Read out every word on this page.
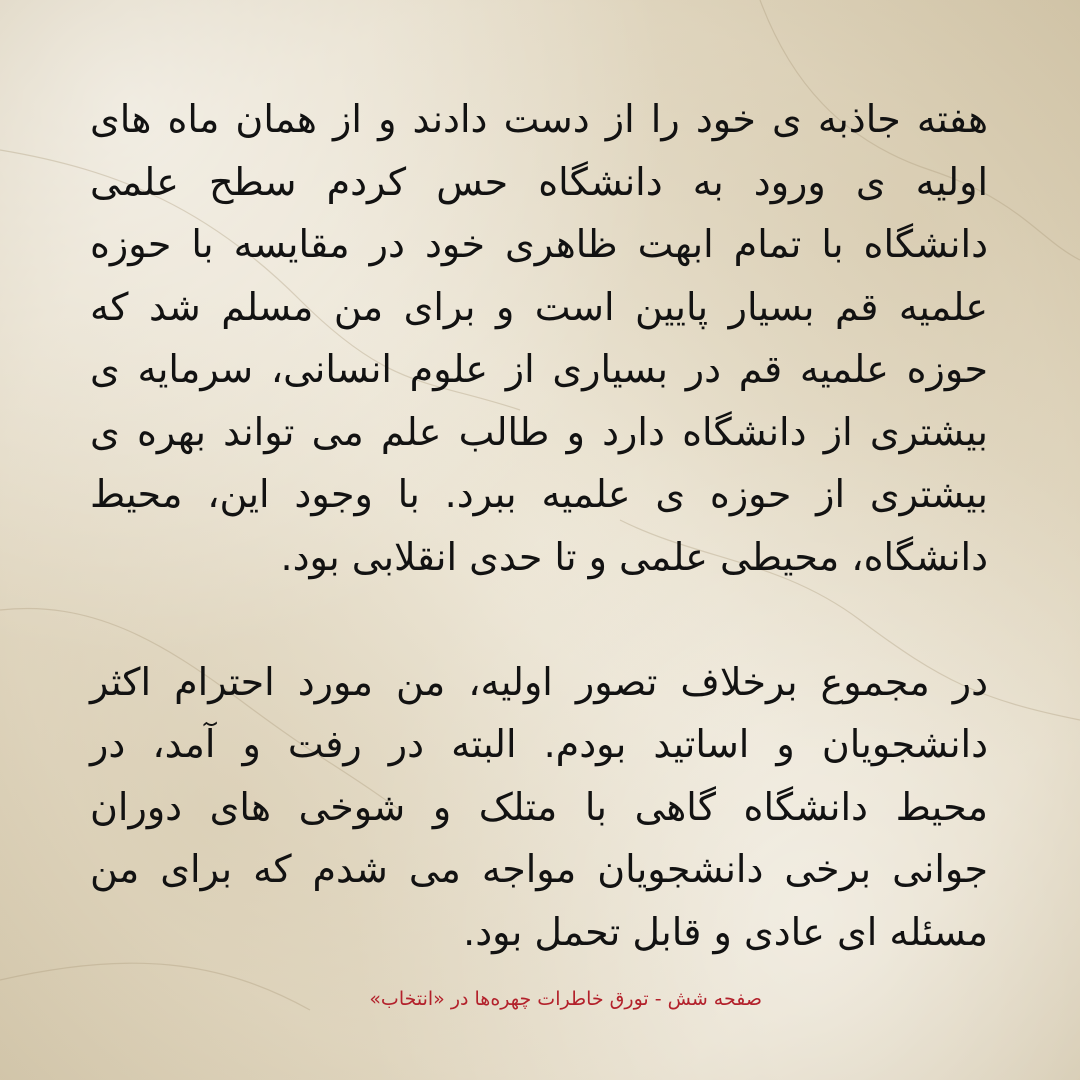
هفته جاذبه ی خود را از دست دادند و از همان ماه های
اولیه ی ورود به دانشگاه حس کردم سطح علمی
دانشگاه با تمام ابهت ظاهری خود در مقایسه با حوزه
علمیه قم بسیار پایین است و برای من مسلم شد که
حوزه علمیه قم در بسیاری از علوم انسانی، سرمایه ی
بیشتری از دانشگاه دارد و طالب علم می تواند بهره ی
بیشتری از حوزه ی علمیه ببرد. با وجود این، محیط
دانشگاه، محیطی علمی و تا حدی انقلابی بود.
در مجموع برخلاف تصور اولیه، من مورد احترام اکثر
دانشجویان و اساتید بودم. البته در رفت و آمد، در
محیط دانشگاه گاهی با متلک و شوخی های دوران
جوانی برخی دانشجویان مواجه می شدم که برای من
مسئله ای عادی و قابل تحمل بود.
صفحه شش - تورق خاطرات چهره‌ها در «انتخاب»
